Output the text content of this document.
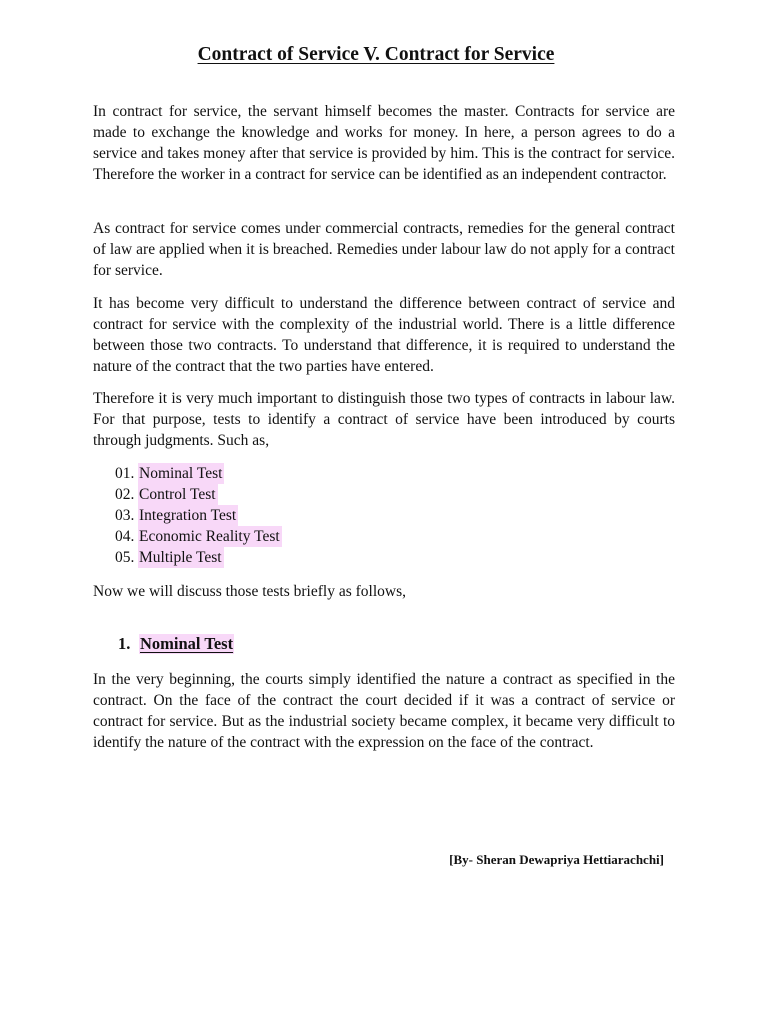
Contract of Service V. Contract for Service

In contract for service, the servant himself becomes the master. Contracts for service are made to exchange the knowledge and works for money. In here, a person agrees to do a service and takes money after that service is provided by him. This is the contract for service. Therefore the worker in a contract for service can be identified as an independent contractor.

As contract for service comes under commercial contracts, remedies for the general contract of law are applied when it is breached. Remedies under labour law do not apply for a contract for service.

It has become very difficult to understand the difference between contract of service and contract for service with the complexity of the industrial world. There is a little difference between those two contracts. To understand that difference, it is required to understand the nature of the contract that the two parties have entered.

Therefore it is very much important to distinguish those two types of contracts in labour law. For that purpose, tests to identify a contract of service have been introduced by courts through judgments. Such as,

01. Nominal Test
02. Control Test
03. Integration Test
04. Economic Reality Test
05. Multiple Test

Now we will discuss those tests briefly as follows,

1. Nominal Test

In the very beginning, the courts simply identified the nature a contract as specified in the contract. On the face of the contract the court decided if it was a contract of service or contract for service. But as the industrial society became complex, it became very difficult to identify the nature of the contract with the expression on the face of the contract.

[By- Sheran Dewapriya Hettiarachchi]
